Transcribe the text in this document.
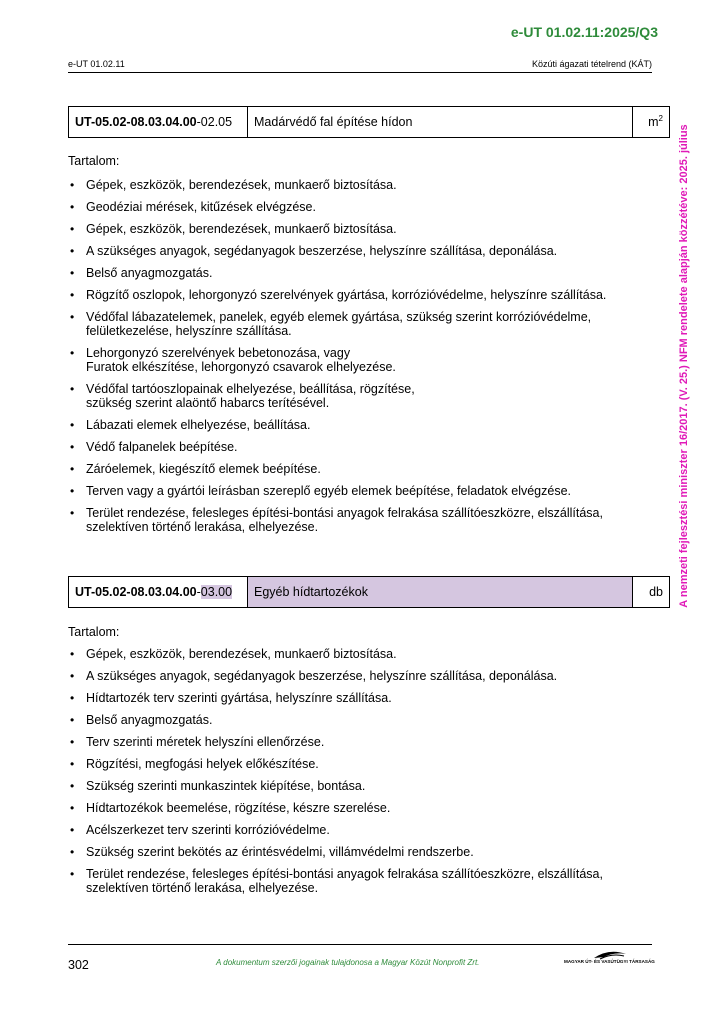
e-UT 01.02.11:2025/Q3
e-UT 01.02.11	Közúti ágazati tételrend (KÁT)
A nemzeti fejlesztési miniszter 16/2017. (V. 25.) NFM rendelete alapján közzétéve: 2025. július
UT-05.02-08.03.04.00-02.05	Madárvédő fal építése hídon	$m^2$
Tartalom:
• Gépek, eszközök, berendezések, munkaerő biztosítása.
• Geodéziai mérések, kitűzések elvégzése.
• Gépek, eszközök, berendezések, munkaerő biztosítása.
• A szükséges anyagok, segédanyagok beszerzése, helyszínre szállítása, deponálása.
• Belső anyagmozgatás.
• Rögzítő oszlopok, lehorgonyzó szerelvények gyártása, korrózióvédelme, helyszínre szállítása.
• Védőfal lábazatelemek, panelek, egyéb elemek gyártása, szükség szerint korrózióvédelme, felületkezelése, helyszínre szállítása.
• Lehorgonyzó szerelvények bebetonozása, vagy
Furatok elkészítése, lehorgonyzó csavarok elhelyezése.
• Védőfal tartóoszlopainak elhelyezése, beállítása, rögzítése,
szükség szerint alaöntő habarcs terítésével.
• Lábazati elemek elhelyezése, beállítása.
• Védő falpanelek beépítése.
• Záróelemek, kiegészítő elemek beépítése.
• Terven vagy a gyártói leírásban szereplő egyéb elemek beépítése, feladatok elvégzése.
• Terület rendezése, felesleges építési-bontási anyagok felrakása szállítóeszközre, elszállítása, szelektíven történő lerakása, elhelyezése.
UT-05.02-08.03.04.00-03.00	Egyéb hídtartozékok	db
Tartalom:
• Gépek, eszközök, berendezések, munkaerő biztosítása.
• A szükséges anyagok, segédanyagok beszerzése, helyszínre szállítása, deponálása.
• Hídtartozék terv szerinti gyártása, helyszínre szállítása.
• Belső anyagmozgatás.
• Terv szerinti méretek helyszíni ellenőrzése.
• Rögzítési, megfogási helyek előkészítése.
• Szükség szerinti munkaszintek kiépítése, bontása.
• Hídtartozékok beemelése, rögzítése, készre szerelése.
• Acélszerkezet terv szerinti korrózióvédelme.
• Szükség szerint bekötés az érintésvédelmi, villámvédelmi rendszerbe.
• Terület rendezése, felesleges építési-bontási anyagok felrakása szállítóeszközre, elszállítása, szelektíven történő lerakása, elhelyezése.
302	A dokumentum szerzői jogainak tulajdonosa a Magyar Közút Nonprofit Zrt.	MAGYAR ÚT- ÉS VASÚTÜGYI TÁRSASÁG
